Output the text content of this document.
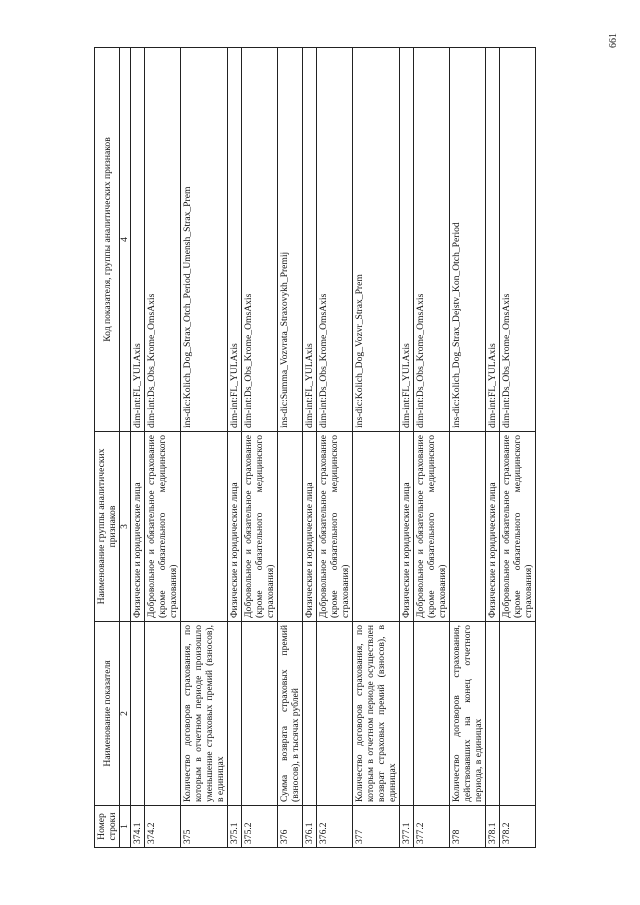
Номер строки	Наименование показателя	Наименование группы аналитических признаков	Код показателя, группы аналитических признаков
1	2	3	4
374.1		Физические и юридические лица	dim-int:FL_YULAxis
374.2		Добровольное и обязательное страхование (кроме обязательного медицинского страхования)	dim-int:Ds_Obs_Krome_OmsAxis
375	Количество договоров страхования, по которым в отчетном периоде произошло уменьшение страховых премий (взносов), в единицах		ins-dic:Kolich_Dog_Strax_Otch_Period_Umensh_Strax_Prem
375.1		Физические и юридические лица	dim-int:FL_YULAxis
375.2		Добровольное и обязательное страхование (кроме обязательного медицинского страхования)	dim-int:Ds_Obs_Krome_OmsAxis
376	Сумма возврата страховых премий (взносов), в тысячах рублей		ins-dic:Summa_Vozvrata_Straxovykh_Premij
376.1		Физические и юридические лица	dim-int:FL_YULAxis
376.2		Добровольное и обязательное страхование (кроме обязательного медицинского страхования)	dim-int:Ds_Obs_Krome_OmsAxis
377	Количество договоров страхования, по которым в отчетном периоде осуществлен возврат страховых премий (взносов), в единицах		ins-dic:Kolich_Dog_Vozvr_Strax_Prem
377.1		Физические и юридические лица	dim-int:FL_YULAxis
377.2		Добровольное и обязательное страхование (кроме обязательного медицинского страхования)	dim-int:Ds_Obs_Krome_OmsAxis
378	Количество договоров страхования, действовавших на конец отчетного периода, в единицах		ins-dic:Kolich_Dog_Strax_Dejstv_Kon_Otch_Period
378.1		Физические и юридические лица	dim-int:FL_YULAxis
378.2		Добровольное и обязательное страхование (кроме обязательного медицинского страхования)	dim-int:Ds_Obs_Krome_OmsAxis
661
